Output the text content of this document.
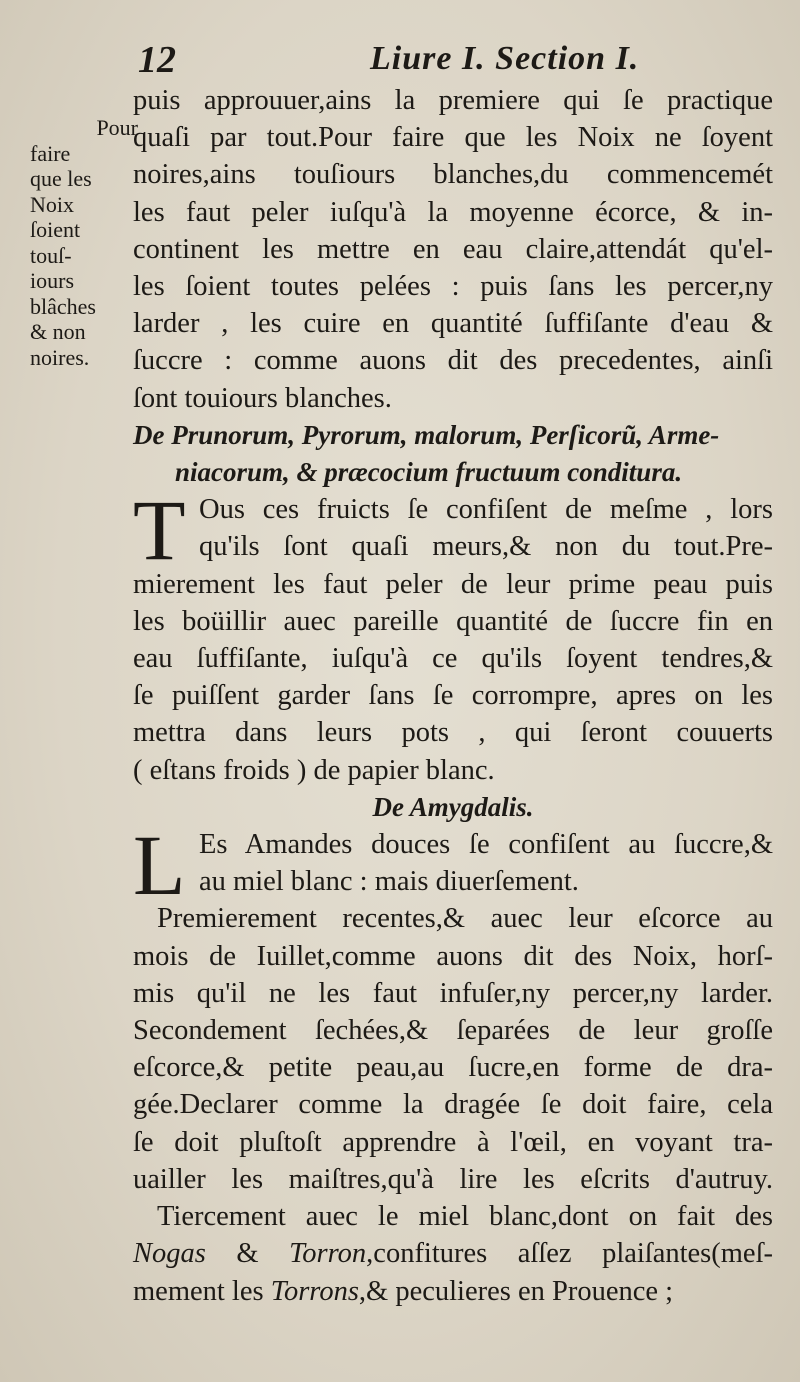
12	Liure I. Section I.
Pour
faire
que les
Noix
ſoient
touſ-
iours
blâches
& non
noires.
puis approuuer,ains la premiere qui ſe practique
quaſi par tout.Pour faire que les Noix ne ſoyent
noires,ains touſiours blanches,du commencemét
les faut peler iuſqu'à la moyenne écorce, & in-
continent les mettre en eau claire,attendát qu'el-
les ſoient toutes pelées : puis ſans les percer,ny
larder , les cuire en quantité ſuffiſante d'eau &
ſuccre : comme auons dit des precedentes, ainſi
ſont touiours blanches.
De Prunorum, Pyrorum, malorum, Perſicorũ, Arme-
niacorum, & præcocium fructuum conditura.
T Ous ces fruicts ſe confiſent de meſme , lors
qu'ils ſont quaſi meurs,& non du tout.Pre-
mierement les faut peler de leur prime peau puis
les boüillir auec pareille quantité de ſuccre fin en
eau ſuffiſante, iuſqu'à ce qu'ils ſoyent tendres,&
ſe puiſſent garder ſans ſe corrompre, apres on les
mettra dans leurs pots , qui ſeront couuerts
( eſtans froids ) de papier blanc.
De Amygdalis.
L Es Amandes douces ſe confiſent au ſuccre,&
au miel blanc : mais diuerſement.
Premierement recentes,& auec leur eſcorce au
mois de Iuillet,comme auons dit des Noix, horſ-
mis qu'il ne les faut infuſer,ny percer,ny larder.
Secondement ſechées,& ſeparées de leur groſſe
eſcorce,& petite peau,au ſucre,en forme de dra-
gée.Declarer comme la dragée ſe doit faire, cela
ſe doit pluſtoſt apprendre à l'œil, en voyant tra-
uailler les maiſtres,qu'à lire les eſcrits d'autruy.
Tiercement auec le miel blanc,dont on fait des
Nogas & Torron,confitures aſſez plaiſantes(meſ-
mement les Torrons,& peculieres en Prouence ;
